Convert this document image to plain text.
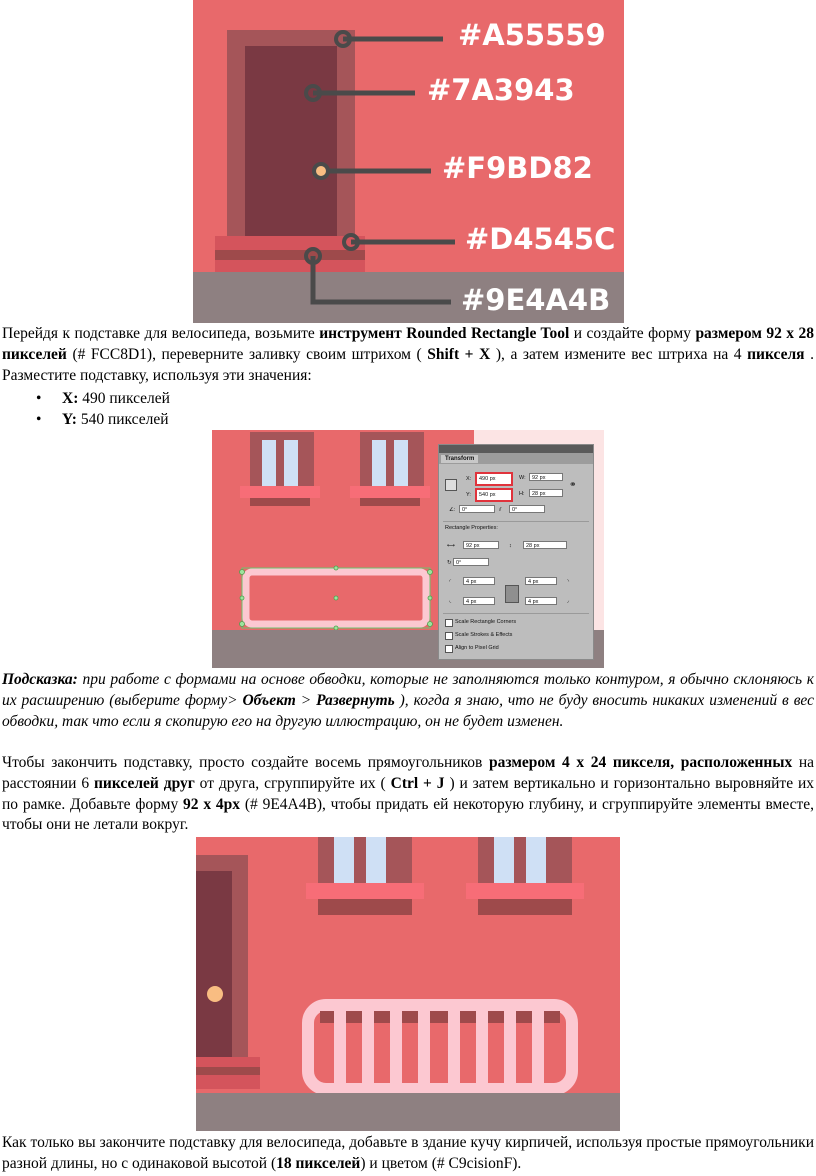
#A55559
#7A3943
#F9BD82
#D4545C
#9E4A4B
Перейдя к подставке для велосипеда, возьмите инструмент Rounded Rectangle Tool и создайте форму размером 92 x 28 пикселей (# FCC8D1), переверните заливку своим штрихом ( Shift + X ), а затем измените вес штриха на 4 пикселя . Разместите подставку, используя эти значения:
• X: 490 пикселей
• Y: 540 пикселей
Transform
X:	490 px	W:	92 px
Y:	540 px	H:	28 px
⚭
∠:	0°	⫽	0°
Rectangle Properties:
⟷	92 px	↕	28 px
↻ 0°
◜	4 px	4 px	◝
◟	4 px	4 px	◞
Scale Rectangle Corners
Scale Strokes & Effects
Align to Pixel Grid
Подсказка: при работе с формами на основе обводки, которые не заполняются только контуром, я обычно склоняюсь к их расширению (выберите форму> Объект > Развернуть ), когда я знаю, что не буду вносить никаких изменений в вес обводки, так что если я скопирую его на другую иллюстрацию, он не будет изменен.
Чтобы закончить подставку, просто создайте восемь прямоугольников размером 4 x 24 пикселя, расположенных на расстоянии 6 пикселей друг от друга, сгруппируйте их ( Ctrl + J ) и затем вертикально и горизонтально выровняйте их по рамке. Добавьте форму 92 x 4px (# 9E4A4B), чтобы придать ей некоторую глубину, и сгруппируйте элементы вместе, чтобы они не летали вокруг.
Как только вы закончите подставку для велосипеда, добавьте в здание кучу кирпичей, используя простые прямоугольники разной длины, но с одинаковой высотой (18 пикселей) и цветом (# C9cisionF).
